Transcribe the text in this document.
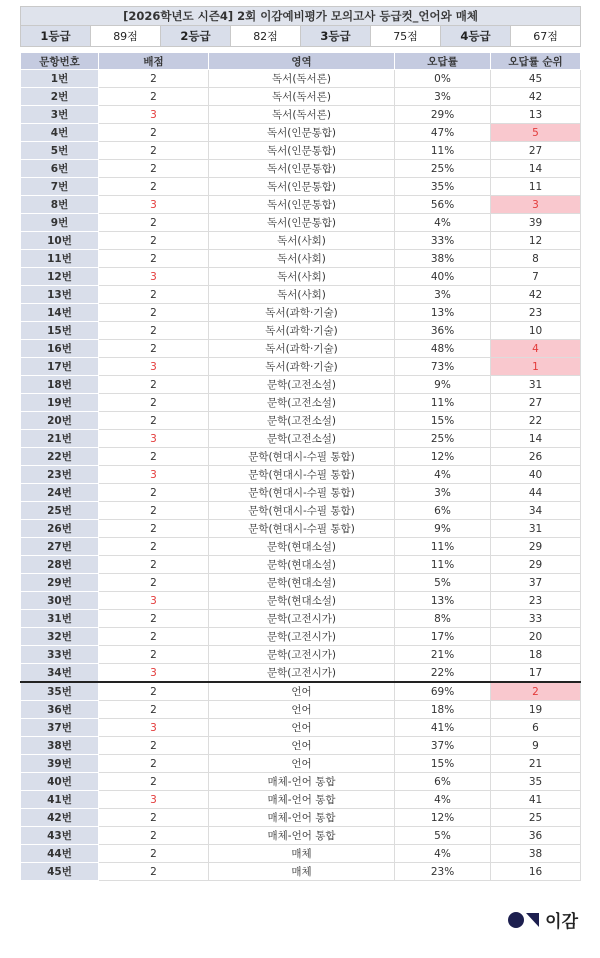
[2026학년도 시즌4] 2회 이감예비평가 모의고사 등급컷_언어와 매체
1등급	89점	2등급	82점	3등급	75점	4등급	67점
문항번호	배점	영역	오답률	오답률 순위
1번	2	독서(독서론)	0%	45
2번	2	독서(독서론)	3%	42
3번	3	독서(독서론)	29%	13
4번	2	독서(인문통합)	47%	5
5번	2	독서(인문통합)	11%	27
6번	2	독서(인문통합)	25%	14
7번	2	독서(인문통합)	35%	11
8번	3	독서(인문통합)	56%	3
9번	2	독서(인문통합)	4%	39
10번	2	독서(사회)	33%	12
11번	2	독서(사회)	38%	8
12번	3	독서(사회)	40%	7
13번	2	독서(사회)	3%	42
14번	2	독서(과학·기술)	13%	23
15번	2	독서(과학·기술)	36%	10
16번	2	독서(과학·기술)	48%	4
17번	3	독서(과학·기술)	73%	1
18번	2	문학(고전소설)	9%	31
19번	2	문학(고전소설)	11%	27
20번	2	문학(고전소설)	15%	22
21번	3	문학(고전소설)	25%	14
22번	2	문학(현대시-수필 통합)	12%	26
23번	3	문학(현대시-수필 통합)	4%	40
24번	2	문학(현대시-수필 통합)	3%	44
25번	2	문학(현대시-수필 통합)	6%	34
26번	2	문학(현대시-수필 통합)	9%	31
27번	2	문학(현대소설)	11%	29
28번	2	문학(현대소설)	11%	29
29번	2	문학(현대소설)	5%	37
30번	3	문학(현대소설)	13%	23
31번	2	문학(고전시가)	8%	33
32번	2	문학(고전시가)	17%	20
33번	2	문학(고전시가)	21%	18
34번	3	문학(고전시가)	22%	17
35번	2	언어	69%	2
36번	2	언어	18%	19
37번	3	언어	41%	6
38번	2	언어	37%	9
39번	2	언어	15%	21
40번	2	매체-언어 통합	6%	35
41번	3	매체-언어 통합	4%	41
42번	2	매체-언어 통합	12%	25
43번	2	매체-언어 통합	5%	36
44번	2	매체	4%	38
45번	2	매체	23%	16
이감
